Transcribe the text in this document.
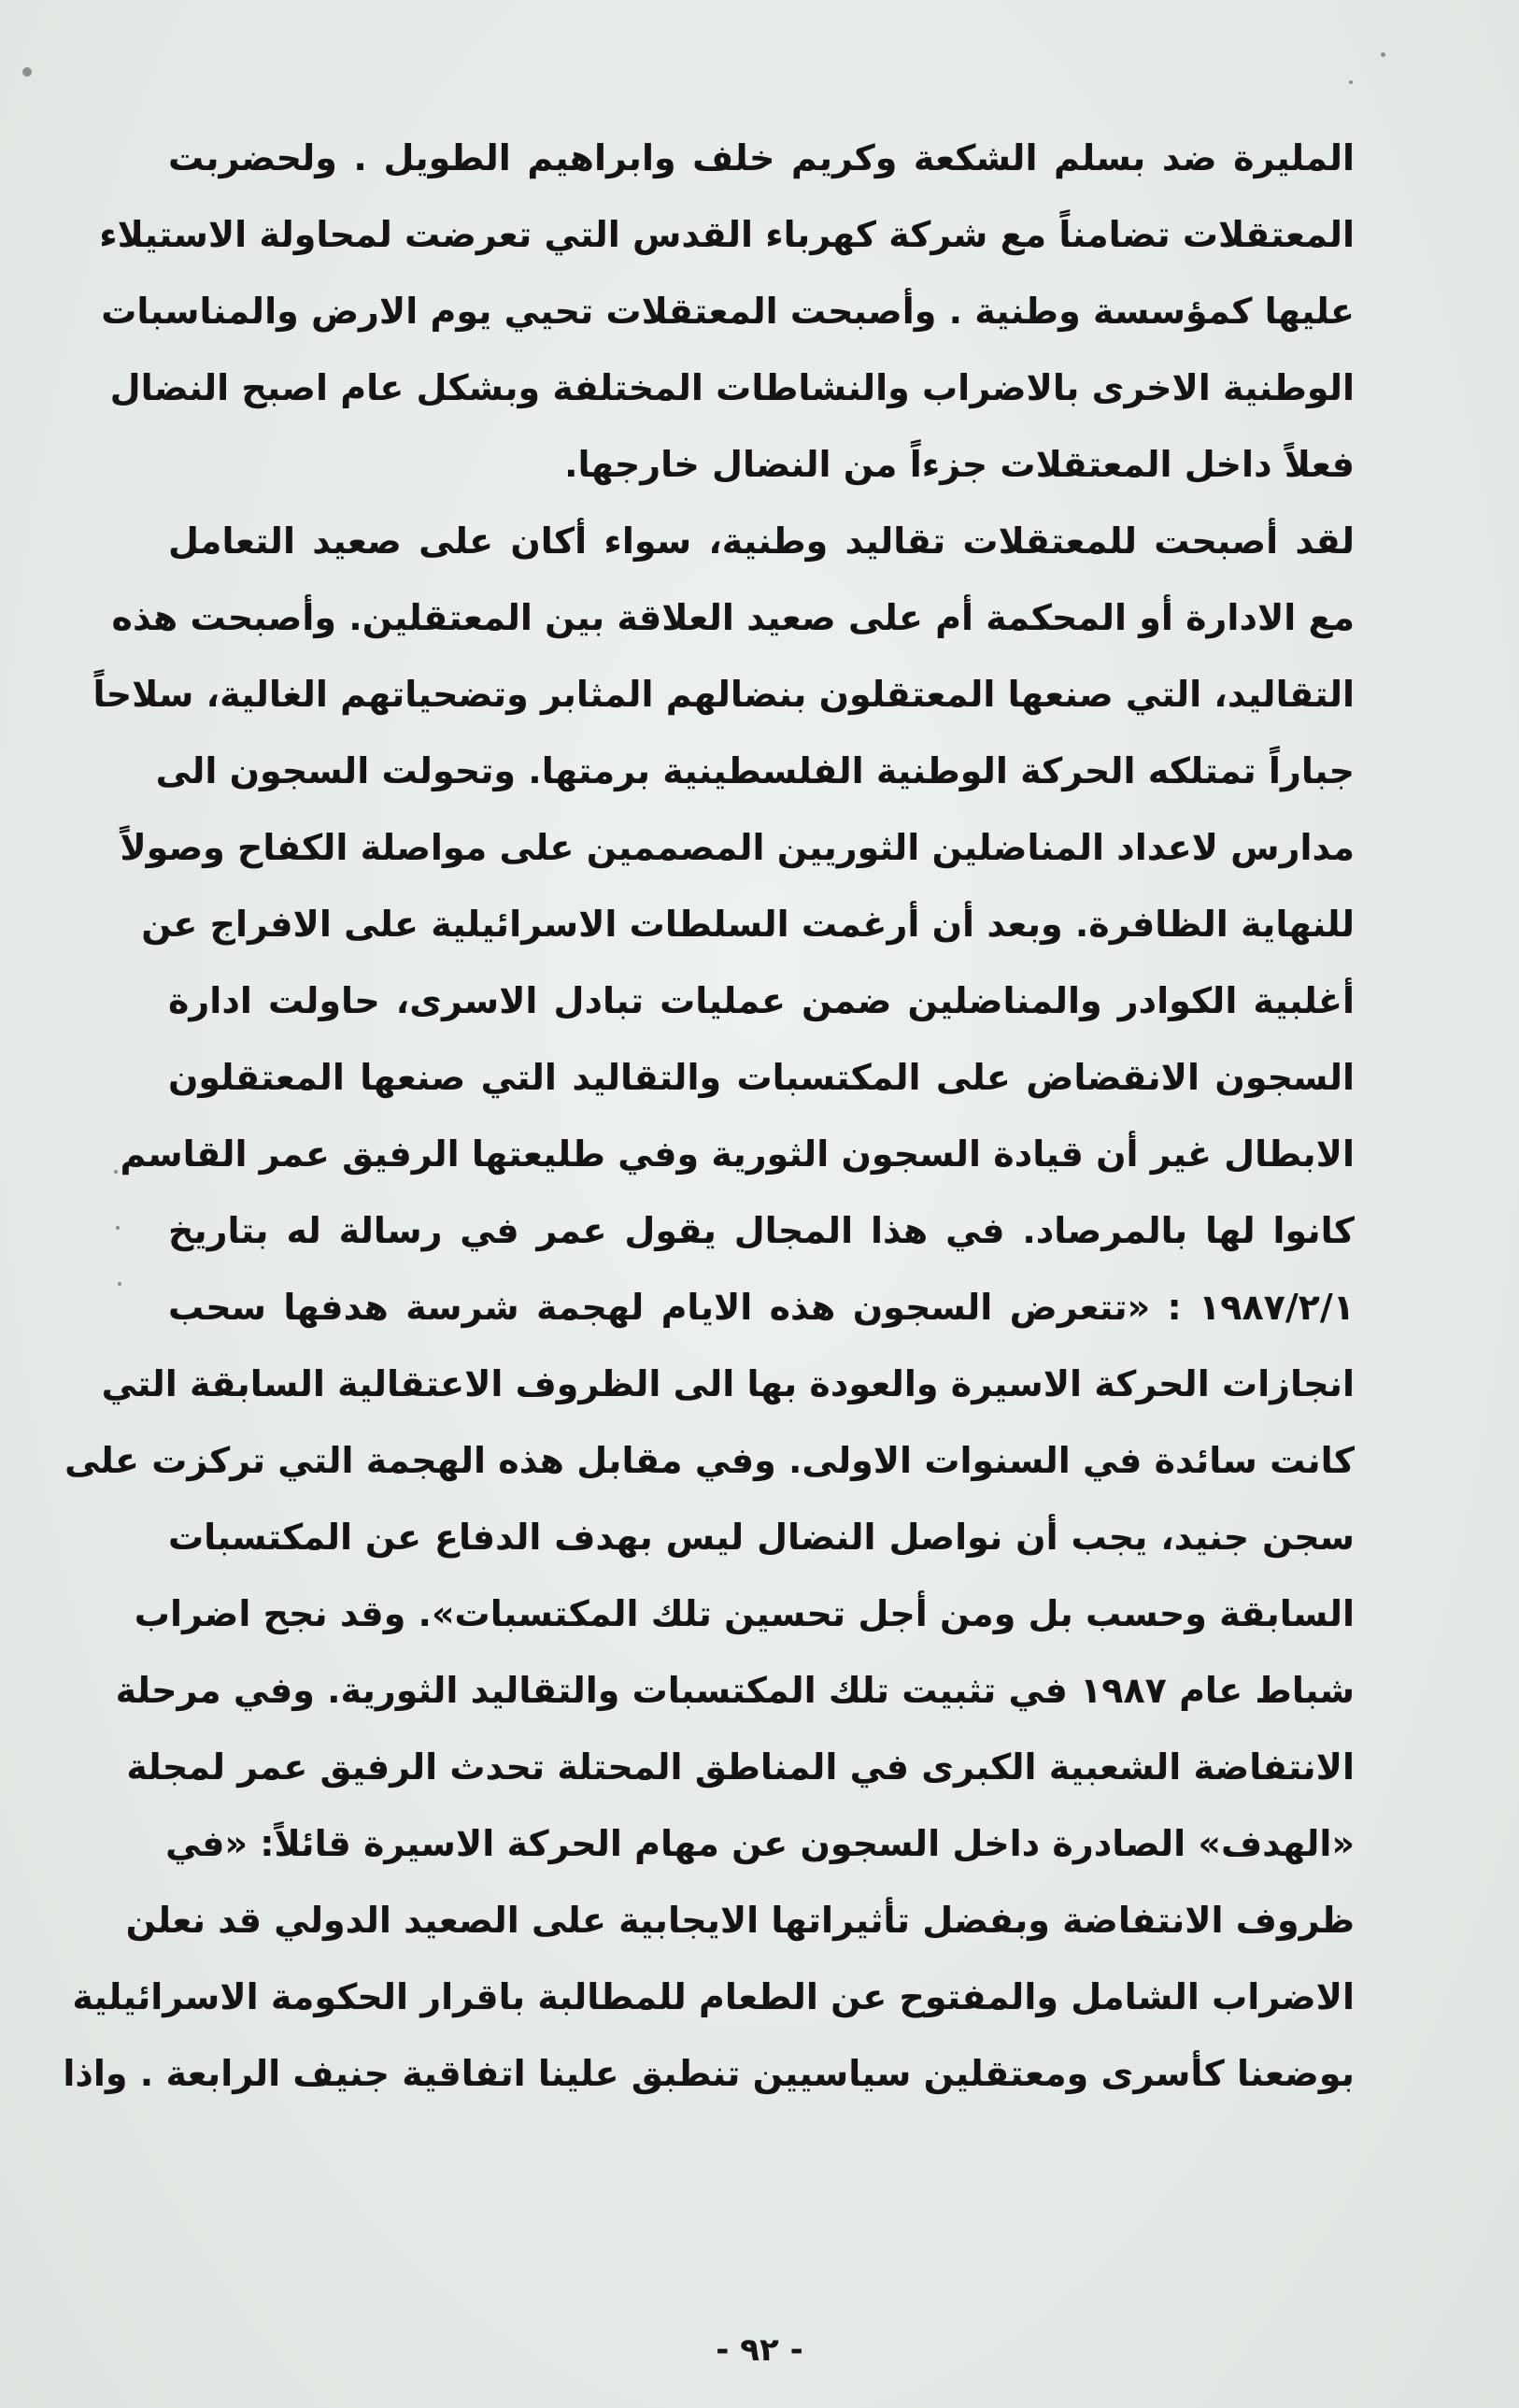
المليرة ضد بسلم الشكعة وكريم خلف وابراهيم الطويل . ولحضربت
المعتقلات تضامناً مع شركة كهرباء القدس التي تعرضت لمحاولة الاستيلاء
عليها كمؤسسة وطنية . وأصبحت المعتقلات تحيي يوم الارض والمناسبات
الوطنية الاخرى بالاضراب والنشاطات المختلفة وبشكل عام اصبح النضال
فعلاً داخل المعتقلات جزءاً من النضال خارجها.
لقد أصبحت للمعتقلات تقاليد وطنية، سواء أكان على صعيد التعامل
مع الادارة أو المحكمة أم على صعيد العلاقة بين المعتقلين. وأصبحت هذه
التقاليد، التي صنعها المعتقلون بنضالهم المثابر وتضحياتهم الغالية، سلاحاً
جباراً تمتلكه الحركة الوطنية الفلسطينية برمتها. وتحولت السجون الى
مدارس لاعداد المناضلين الثوريين المصممين على مواصلة الكفاح وصولاً
للنهاية الظافرة. وبعد أن أرغمت السلطات الاسرائيلية على الافراج عن
أغلبية الكوادر والمناضلين ضمن عمليات تبادل الاسرى، حاولت ادارة
السجون الانقضاض على المكتسبات والتقاليد التي صنعها المعتقلون
الابطال غير أن قيادة السجون الثورية وفي طليعتها الرفيق عمر القاسم
كانوا لها بالمرصاد. في هذا المجال يقول عمر في رسالة له بتاريخ
١٩٨٧/٢/١ : «تتعرض السجون هذه الايام لهجمة شرسة هدفها سحب
انجازات الحركة الاسيرة والعودة بها الى الظروف الاعتقالية السابقة التي
كانت سائدة في السنوات الاولى. وفي مقابل هذه الهجمة التي تركزت على
سجن جنيد، يجب أن نواصل النضال ليس بهدف الدفاع عن المكتسبات
السابقة وحسب بل ومن أجل تحسين تلك المكتسبات». وقد نجح اضراب
شباط عام ١٩٨٧ في تثبيت تلك المكتسبات والتقاليد الثورية. وفي مرحلة
الانتفاضة الشعبية الكبرى في المناطق المحتلة تحدث الرفيق عمر لمجلة
«الهدف» الصادرة داخل السجون عن مهام الحركة الاسيرة قائلاً: «في
ظروف الانتفاضة وبفضل تأثيراتها الايجابية على الصعيد الدولي قد نعلن
الاضراب الشامل والمفتوح عن الطعام للمطالبة باقرار الحكومة الاسرائيلية
بوضعنا كأسرى ومعتقلين سياسيين تنطبق علينا اتفاقية جنيف الرابعة . واذا
- ٩٢ -
